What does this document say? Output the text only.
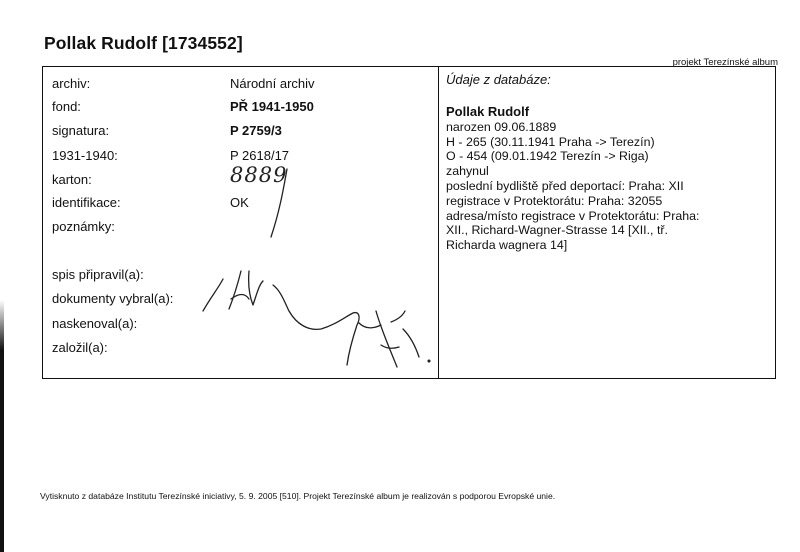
Pollak Rudolf [1734552]
projekt Terezínské album
archiv:	Národní archiv
fond:	PŘ 1941-1950
signatura:	P 2759/3
1931-1940:	P 2618/17
karton:	8889
identifikace:	OK
poznámky:
spis připravil(a):
dokumenty vybral(a):
naskenoval(a):
založil(a):
Údaje z databáze:
Pollak Rudolf
narozen 09.06.1889
H - 265 (30.11.1941 Praha -> Terezín)
O - 454 (09.01.1942 Terezín -> Riga)
zahynul
poslední bydliště před deportací: Praha: XII
registrace v Protektorátu: Praha: 32055
adresa/místo registrace v Protektorátu: Praha:
XII., Richard-Wagner-Strasse 14 [XII., tř.
Richarda wagnera 14]
Vytisknuto z databáze Institutu Terezínské iniciativy, 5. 9. 2005 [510]. Projekt Terezínské album je realizován s podporou Evropské unie.
